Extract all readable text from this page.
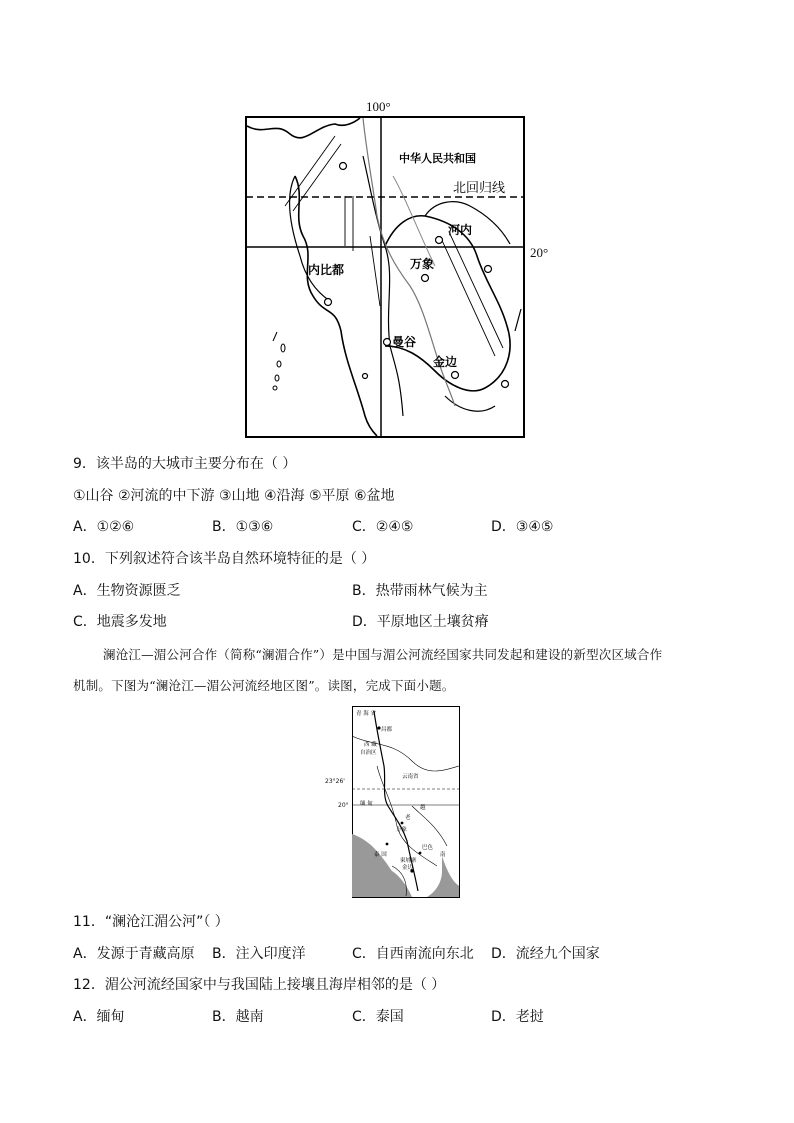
100°
20°
中华人民共和国
北回归线
河内
内比都	万象
曼谷
金边
9．该半岛的大城市主要分布在（ ）
①山谷 ②河流的中下游 ③山地 ④沿海 ⑤平原 ⑥盆地
A．①②⑥	B．①③⑥	C．②④⑤	D．③④⑤
10．下列叙述符合该半岛自然环境特征的是（ ）
A．生物资源匮乏	B．热带雨林气候为主
C．地震多发地	D．平原地区土壤贫瘠
澜沧江—湄公河合作（简称“澜湄合作”）是中国与湄公河流经国家共同发起和建设的新型次区域合作
机制。下图为“澜沧江—湄公河流经地区图”。读图，完成下面小题。
青 海 省
昌都
西 藏
自治区
云南省
缅 甸
老
万象
越
泰 国
柬埔寨
金边
南
巴色
23°26'
20°
11．“澜沧江湄公河”（ ）
A．发源于青藏高原 B．注入印度洋	C．自西南流向东北 D．流经九个国家
12．湄公河流经国家中与我国陆上接壤且海岸相邻的是（ ）
A．缅甸	B．越南	C．泰国	D．老挝
